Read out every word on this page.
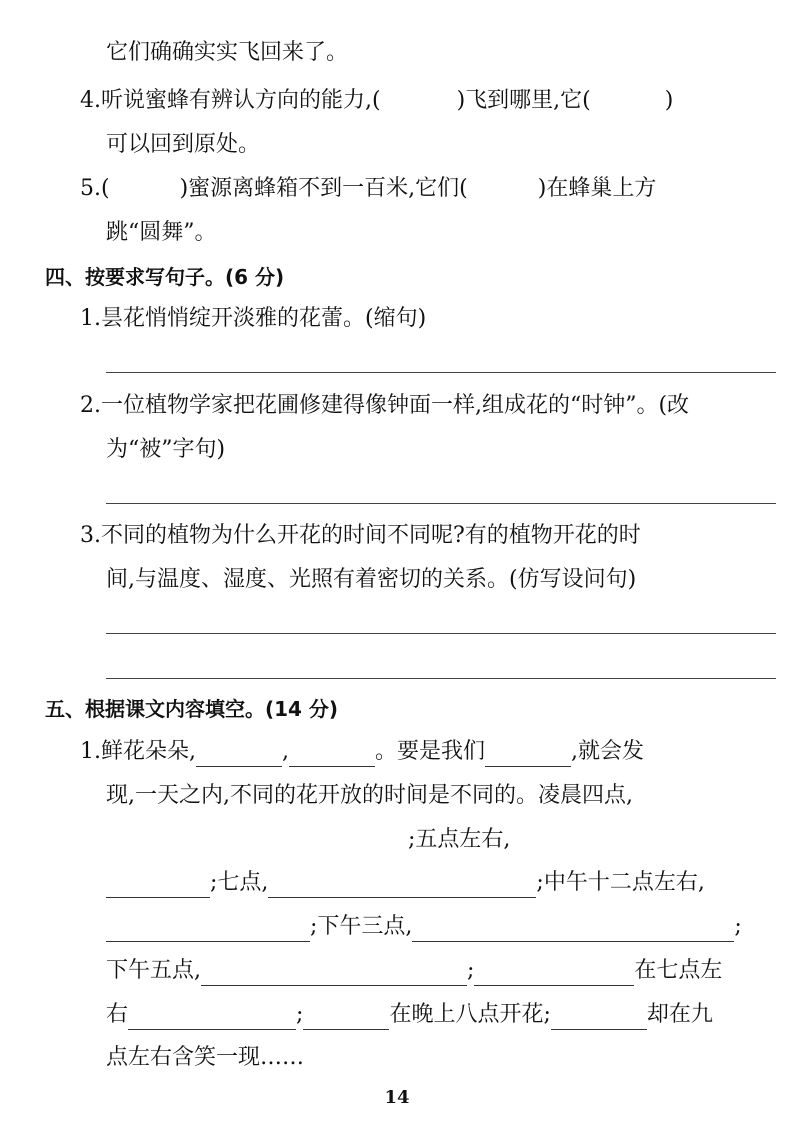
它们确确实实飞回来了。
4.听说蜜蜂有辨认方向的能力,(	)飞到哪里,它(	)
可以回到原处。
5.(	)蜜源离蜂箱不到一百米,它们(	)在蜂巢上方
跳“圆舞”。
四、按要求写句子。(6 分)
1.昙花悄悄绽开淡雅的花蕾。(缩句)
2.一位植物学家把花圃修建得像钟面一样,组成花的“时钟”。(改
为“被”字句)
3.不同的植物为什么开花的时间不同呢?有的植物开花的时
间,与温度、湿度、光照有着密切的关系。(仿写设问句)
五、根据课文内容填空。(14 分)
1.鲜花朵朵,	,	。要是我们	,就会发
现,一天之内,不同的花开放的时间是不同的。凌晨四点,
;五点左右,
;七点,	;中午十二点左右,
;下午三点,	;
下午五点,	;	在七点左
右	;	在晚上八点开花;	却在九
点左右含笑一现……
14
